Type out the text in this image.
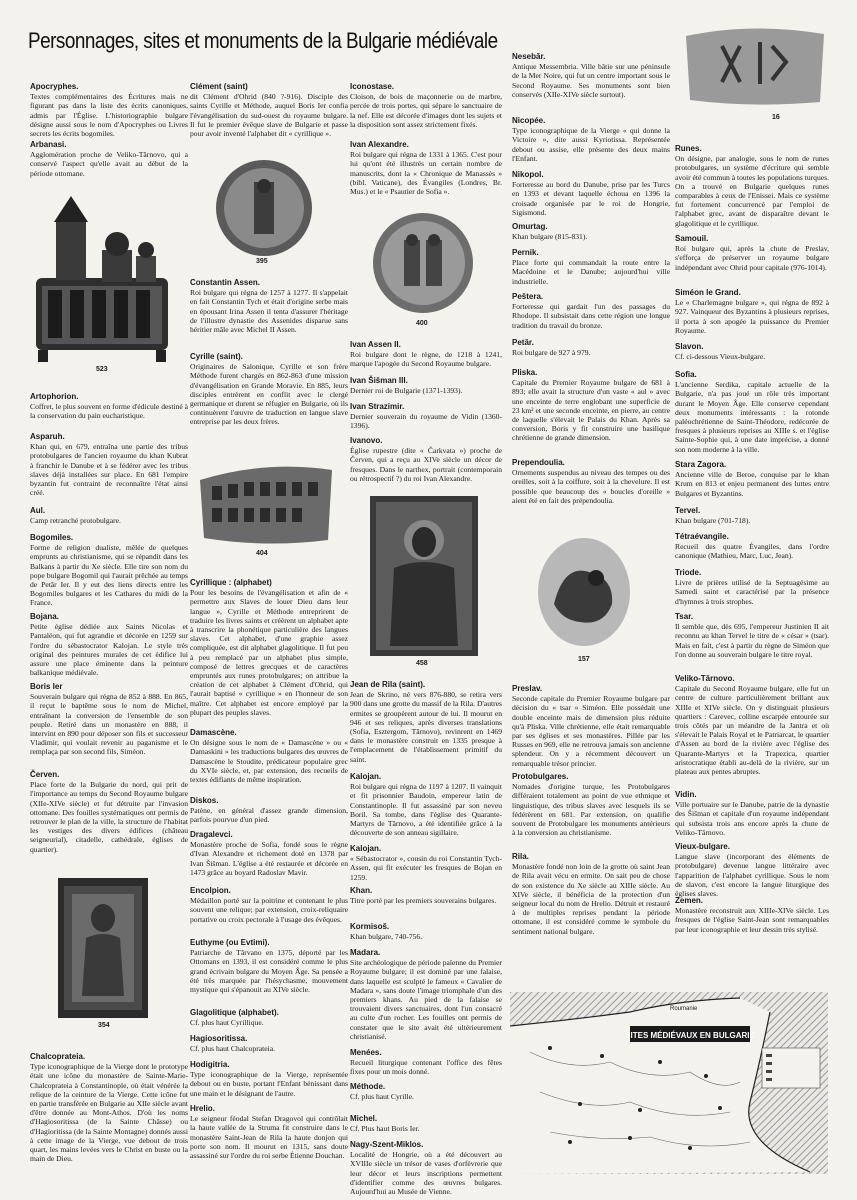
Personnages, sites et monuments de la Bulgarie médiévale
Apocryphes.

Textes complémentaires des Écritures mais ne figurant pas dans la liste des écrits canoniques, admis par l'Église. L'historiographie bulgare désigne aussi sous le nom d'Apocryphes ou Livres secrets les écrits bogomiles.

Arbanasi.

Agglomération proche de Veliko-Tărnovo, qui a conservé l'aspect qu'elle avait au début de la période ottomane.

523
Artophorion.

Coffret, le plus souvent en forme d'édicule destiné à la conservation du pain eucharistique.

Asparuh.

Khan qui, en 679, entraîna une partie des tribus protobulgares de l'ancien royaume du khan Kubrat à franchir le Danube et à se fédérer avec les tribus slaves déjà installées sur place. En 681 l'empire byzantin fut contraint de reconnaître l'état ainsi créé.

Aul.

Camp retranché protobulgare.

Bogomiles.

Forme de religion dualiste, mêlée de quelques emprunts au christianisme, qui se répandit dans les Balkans à partir du Xe siècle. Elle tire son nom du pope bulgare Bogomil qui l'aurait prêchée au temps de Petăr Ier. Il y eut des liens directs entre les Bogomiles bulgares et les Cathares du midi de la France.

Bojana.

Petite église dédiée aux Saints Nicolas et Pantaléon, qui fut agrandie et décorée en 1259 sur l'ordre du sébastocrator Kalojan. Le style très original des peintures murales de cet édifice lui assure une place éminente dans la peinture balkanique médiévale.

Boris Ier

Souverain bulgare qui régna de 852 à 888. En 865, il reçut le baptême sous le nom de Michel, entraînant la conversion de l'ensemble de son peuple. Retiré dans un monastère en 888, il intervint en 890 pour déposer son fils et successeur Vladimir, qui voulait revenir au paganisme et le remplaça par son second fils, Siméon.

Červen.

Place forte de la Bulgarie du nord, qui prit de l'importance au temps du Second Royaume bulgare (XIIe-XIVe siècle) et fut détruite par l'invasion ottomane. Des fouilles systématiques ont permis de retrouver le plan de la ville, la structure de l'habitat les vestiges des divers édifices (château seigneurial), citadelle, cathédrale, églises de quartier).

354
Chalcoprateia.

Type iconographique de la Vierge dont le prototype était une icône du monastère de Sainte-Marie-Chalcoprateia à Constantinople, où était vénérée la relique de la ceinture de la Vierge. Cette icône fut en partie transférée en Bulgarie au XIIe siècle avant d'être donnée au Mont-Athos. D'où les noms d'Hagiosoritissa (de la Sainte Châsse) ou d'Hagioritissa (de la Sainte Montagne) donnés aussi à cette image de la Vierge, vue debout de trois quart, les mains levées vers le Christ en buste ou la main de Dieu.

Clément (saint)

dit Clément d'Ohrid (840 ?-916). Disciple des saints Cyrille et Méthode, auquel Boris Ier confia l'évangélisation du sud-ouest du royaume bulgare. Il fut le premier évêque slave de Bulgarie et passe pour avoir inventé l'alphabet dit « cyrillique ».

395
Constantin Assen.

Roi bulgare qui régna de 1257 à 1277. Il s'appelait en fait Constantin Tych et était d'origine serbe mais en épousant Irina Assen il tenta d'assurer l'héritage de l'illustre dynastie des Assenides disparue sans héritier mâle avec Michel II Assen.

Cyrille (saint).

Originaires de Salonique, Cyrille et son frère Méthode furent chargés en 862-863 d'une mission d'évangélisation en Grande Moravie. En 885, leurs disciples entrèrent en conflit avec le clergé germanique et durent se réfugier en Bulgarie, où ils continuèrent l'œuvre de traduction en langue slave entreprise par les deux frères.

404
Cyrillique : (alphabet)

Pour les besoins de l'évangélisation et afin de « permettre aux Slaves de louer Dieu dans leur langue », Cyrille et Méthode entreprirent de traduire les livres saints et créèrent un alphabet apte à transcrire la phonétique particulière des langues slaves. Cet alphabet, d'une graphie assez compliquée, est dit alphabet glagolitique. Il fut peu à peu remplacé par un alphabet plus simple, composé de lettres grecques et de caractères empruntés aux runes protobulgares; on attribue la création de cet alphabet à Clément d'Ohrid, qui l'aurait baptisé « cyrillique » en l'honneur de son maître. Cet alphabet est encore employé par la plupart des peuples slaves.

Damascène.

On désigne sous le nom de « Damascène » ou « Damaskini » les traductions bulgares des œuvres de Damascène le Stoudite, prédicateur populaire grec du XVIe siècle, et, par extension, des recueils de textes édifiants de même inspiration.

Diskos.

Patène, en général d'assez grande dimension, parfois pourvue d'un pied.

Dragalevci.

Monastère proche de Sofia, fondé sous le règne d'Ivan Alexandre et richement doté en 1378 par Ivan Šišman. L'église a été restaurée et décorée en 1473 grâce au boyard Radoslav Mavir.

Encolpion.

Médaillon porté sur la poitrine et contenant le plus souvent une relique; par extension, croix-reliquaire portative ou croix pectorale à l'usage des évêques.

Euthyme (ou Evtimi).

Patriarche de Tărvano en 1375, déporté par les Ottomans en 1393, il est considéré comme le plus grand écrivain bulgare du Moyen Âge. Sa pensée a été très marquée par l'hésychasme, mouvement mystique qui s'épanouit au XIVe siècle.

Glagolitique (alphabet).

Cf. plus haut Cyrillique.

Hagiosoritissa.

Cf. plus haut Chalcoprateia.

Hodigitria.

Type iconographique de la Vierge, représentée debout ou en buste, portant l'Enfant bénissant dans une main et le désignant de l'autre.

Hrelio.

Le seigneur féodal Stefan Dragovol qui contrôlait la haute vallée de la Struma fit construire dans le monastère Saint-Jean de Rila la haute donjon qui porte son nom. Il mourut en 1315, sans doute assassiné sur l'ordre du roi serbe Étienne Douchan.

Iconostase.

Cloison, de bois de maçonnerie ou de marbre, percée de trois portes, qui sépare le sanctuaire de la nef. Elle est décorée d'images dont les sujets et la disposition sont assez strictement fixés.

Ivan Alexandre.

Roi bulgare qui régna de 1331 à 1365. C'est pour lui qu'ont été illustrés un certain nombre de manuscrits, dont la « Chronique de Manassès » (bibl. Vaticane), des Évangiles (Londres, Br. Mus.) et le « Psautier de Sofia ».

400
Ivan Assen II.

Roi bulgare dont le règne, de 1218 à 1241, marque l'apogée du Second Royaume bulgare.

Ivan Šišman III.

Dernier roi de Bulgarie (1371-1393).

Ivan Strazimir.

Dernier souverain du royaume de Vidin (1360-1396).

Ivanovo.

Église rupestre (dite « Čarkvata ») proche de Červen, qui a reçu au XIVe siècle un décor de fresques. Dans le narthex, portrait (contemporain ou rétrospectif ?) du roi Ivan Alexandre.

458
Jean de Rila (saint).

Jean de Skrino, né vers 876-880, se retira vers 900 dans une grotte du massif de la Rila. D'autres ermites se groupèrent autour de lui. Il mourut en 946 et ses reliques, après diverses translations (Sofia, Esztergom, Tărnovo), revinrent en 1469 dans le monastère construit en 1335 presque à l'emplacement de l'établissement primitif du saint.

Kalojan.

Roi bulgare qui régna de 1197 à 1207. Il vainquit et fit prisonnier Baudoin, empereur latin de Constantinople. Il fut assassiné par son neveu Boril. Sa tombe, dans l'église des Quarante-Martyrs de Tărnovo, a été identifiée grâce à la découverte de son anneau sigillaire.

Kalojan.

« Sébastocrator », cousin du roi Constantin Tych-Assen, qui fit exécuter les fresques de Bojan en 1259.

Khan.

Titre porté par les premiers souverains bulgares.

Kormisoš.

Khan bulgare, 740-756.

Madara.

Site archéologique de période païenne du Premier Royaume bulgare; il est dominé par une falaise, dans laquelle est sculpté le fameux « Cavalier de Madara », sans doute l'image triomphale d'un des premiers khans. Au pied de la falaise se trouvaient divers sanctuaires, dont l'un consacré au culte d'un rocher. Les fouilles ont permis de constater que le site avait été ultérieurement christianisé.

Menées.

Recueil liturgique contenant l'office des fêtes fixes pour un mois donné.

Méthode.

Cf. plus haut Cyrille.

Michel.

Cf. Plus haut Boris Ier.

Nagy-Szent-Miklos.

Localité de Hongrie, où a été découvert au XVIIIe siècle un trésor de vases d'orfèvrerie que leur décor et leurs inscriptions permettent d'identifier comme des œuvres bulgares. Aujourd'hui au Musée de Vienne.

Nesebăr.

Antique Messembria. Ville bâtie sur une péninsule de la Mer Noire, qui fut un centre important sous le Second Royaume. Ses monuments sont bien conservés (XIIe-XIVe siècle surtout).

Nicopée.

Type iconographique de la Vierge « qui donne la Victoire », dite aussi Kyriotissa. Représentée debout ou assise, elle présente des deux mains l'Enfant.

Nikopol.

Forteresse au bord du Danube, prise par les Turcs en 1393 et devant laquelle échoua en 1396 la croisade organisée par le roi de Hongrie, Sigismond.

Omurtag.

Khan bulgare (815-831).

Pernik.

Place forte qui commandait la route entre la Macédoine et le Danube; aujourd'hui ville industrielle.

Peštera.

Forteresse qui gardait l'un des passages du Rhodope. Il subsistait dans cette région une longue tradition du travail du bronze.

Petăr.

Roi bulgare de 927 à 979.

Pliska.

Capitale du Premier Royaume bulgare de 681 à 893; elle avait la structure d'un vaste « aul » avec une enceinte de terre englobant une superficie de 23 km² et une seconde enceinte, en pierre, au centre de laquelle s'élevait le Palais du Khan. Après sa conversion, Boris y fit construire une basilique chrétienne de grande dimension.

Prependoulia.

Ornements suspendus au niveau des tempes ou des oreilles, soit à la coiffure, soit à la chevelure. Il est possible que beaucoup des « boucles d'oreille » aient été en fait des prépendoulia.

157
Preslav.

Seconde capitale du Premier Royaume bulgare par décision du « tsar » Siméon. Elle possédait une double enceinte mais de dimension plus réduite qu'à Pliska. Ville chrétienne, elle était remarquable par ses églises et ses monastères. Pillée par les Russes en 969, elle ne retrouva jamais son ancienne splendeur. On y a récemment découvert un remarquable trésor princier.

Protobulgares.

Nomades d'origine turque, les Protobulgares différaient totalement au point de vue ethnique et linguistique, des tribus slaves avec lesquels ils se fédérèrent en 681. Par extension, on qualifie souvent de Protobulgare les monuments antérieurs à la conversion au christianisme.

Rila.

Monastère fondé non loin de la grotte où saint Jean de Rila avait vécu en ermite. On sait peu de chose de son existence du Xe siècle au XIIIe siècle. Au XIVe siècle, il bénéficia de la protection d'un seigneur local du nom de Hrelio. Détruit et restauré à de multiples reprises pendant la période ottomane, il est considéré comme le symbole du sentiment national bulgare.

16
Runes.

On désigne, par analogie, sous le nom de runes protobulgares, un système d'écriture qui semble avoir été commun à toutes les populations turques. On a trouvé en Bulgarie quelques runes comparables à ceux de l'Enissei. Mais ce système fut fortement concurrencé par l'emploi de l'alphabet grec, avant de disparaître devant le glagolitique et le cyrillique.

Samouil.

Roi bulgare qui, après la chute de Preslav, s'efforça de préserver un royaume bulgare indépendant avec Ohrid pour capitale (976-1014).

Siméon le Grand.

Le « Charlemagne bulgare », qui régna de 892 à 927. Vainqueur des Byzantins à plusieurs reprises, il porta à son apogée la puissance du Premier Royaume.

Slavon.

Cf. ci-dessous Vieux-bulgare.

Sofia.

L'ancienne Serdika, capitale actuelle de la Bulgarie, n'a pas joué un rôle très important durant le Moyen Âge. Elle conserve cependant deux monuments intéressants : la rotonde paléochrétienne de Saint-Théodore, redécorée de fresques à plusieurs reprises au XIIIe s. et l'église Sainte-Sophie qui, à une date imprécise, a donné son nom moderne à la ville.

Stara Zagora.

Ancienne ville de Beroe, conquise par le khan Krum en 813 et enjeu permanent des luttes entre Bulgares et Byzantins.

Tervel.

Khan bulgare (701-718).

Tétraévangile.

Recueil des quatre Évangiles, dans l'ordre canonique (Mathieu, Marc, Luc, Jean).

Triode.

Livre de prières utilisé de la Septuagésime au Samedi saint et caractérisé par la présence d'hymnes à trois strophes.

Tsar.

Il semble que, dès 695, l'empereur Justinien II ait reconnu au khan Tervel le titre de « césar » (tsar). Mais en fait, c'est à partir du règne de Siméon que l'on donne au souverain bulgare le titre royal.

Veliko-Tărnovo.

Capitale du Second Royaume bulgare, elle fut un centre de culture particulièrement brillant aux XIIIe et XIVe siècle. On y distinguait plusieurs quartiers : Carevec, colline escarpée entourée sur trois côtés par un méandre de la Jantra et où s'élevait le Palais Royal et le Patriarcat, le quartier d'Assen au bord de la rivière avec l'église des Quarante-Martyrs et la Trapezica, quartier aristocratique établi au-delà de la rivière, sur un plateau aux pentes abruptes.

Vidin.

Ville portuaire sur le Danube, patrie de la dynastie des Šišman et capitale d'un royaume indépendant qui subsista trois ans encore après la chute de Veliko-Tărnovo.

Vieux-bulgare.

Langue slave (incorporant des éléments de protobulgare) devenue langue littéraire avec l'apparition de l'alphabet cyrillique. Sous le nom de slavon, c'est encore la langue liturgique des églises slaves.

Zemen.

Monastère reconstruit aux XIIIe-XIVe siècle. Les fresques de l'église Saint-Jean sont remarquables par leur iconographie et leur dessin très stylisé.

SITES MÉDIÉVAUX EN BULGARIE
Roumanie
